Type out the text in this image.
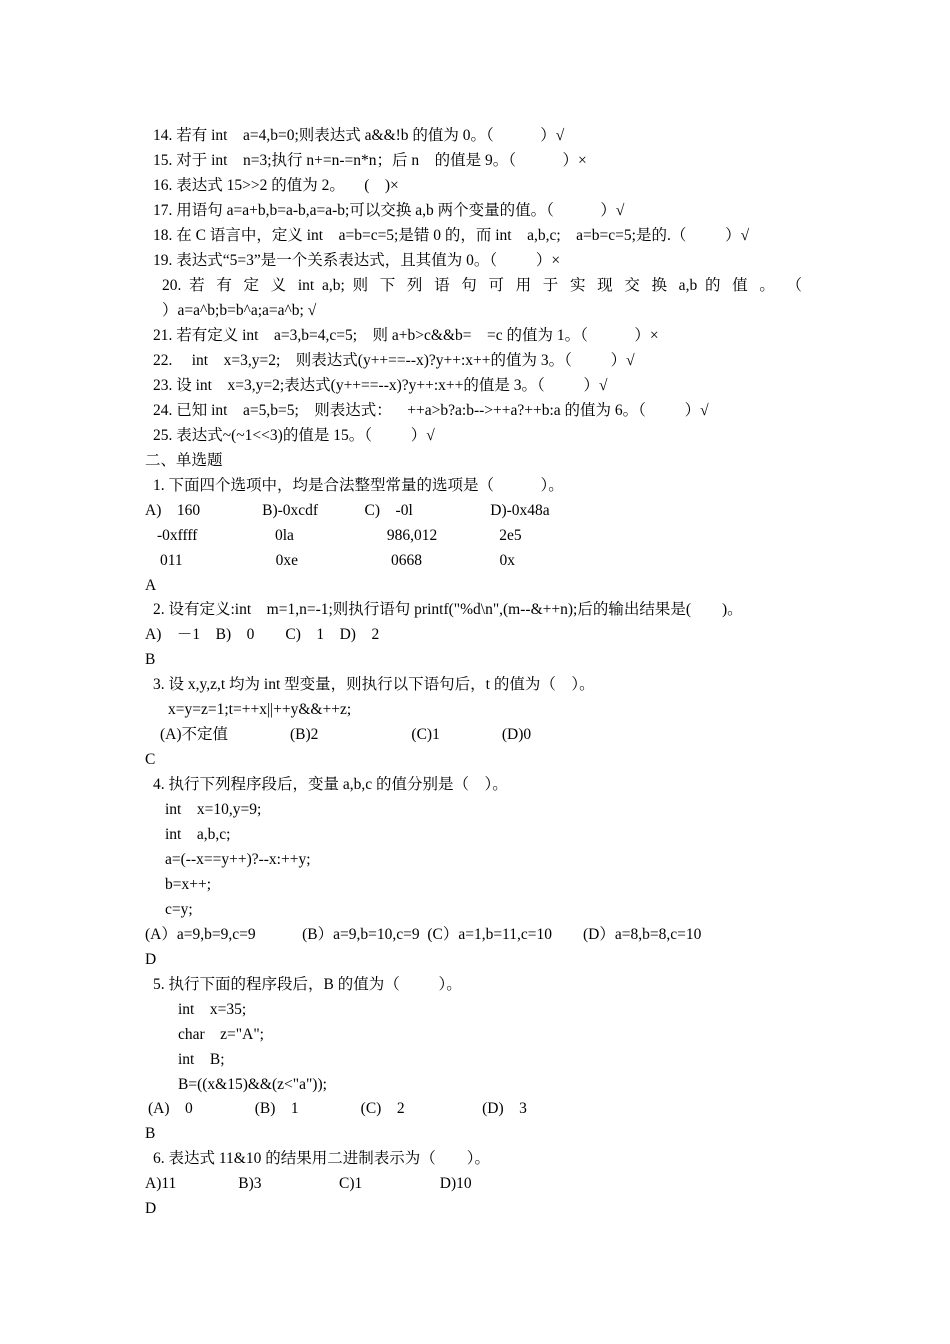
14. 若有 int    a=4,b=0;则表达式 a&&!b 的值为 0。（            ）√
15. 对于 int    n=3;执行 n+=n-=n*n；后 n    的值是 9。（            ）×
16. 表达式 15>>2 的值为 2。     (    )×
17. 用语句 a=a+b,b=a-b,a=a-b;可以交换 a,b 两个变量的值。（            ）√
18. 在 C 语言中，定义 int    a=b=c=5;是错 0 的，而 int    a,b,c;    a=b=c=5;是的.（          ）√
19. 表达式“5=3”是一个关系表达式，且其值为 0。（          ）×
20. 若 有 定 义 int a,b; 则 下 列 语 句 可 用 于 实 现 交 换 a,b 的 值 。 （
）a=a^b;b=b^a;a=a^b; √
21. 若有定义 int    a=3,b=4,c=5;    则 a+b>c&&b=    =c 的值为 1。（            ）×
22.     int    x=3,y=2;    则表达式(y++==--x)?y++:x++的值为 3。（          ）√
23. 设 int    x=3,y=2;表达式(y++==--x)?y++:x++的值是 3。（          ）√
24. 已知 int    a=5,b=5;    则表达式：    ++a>b?a:b-->++a?++b:a 的值为 6。（          ）√
25. 表达式~(~1<<3)的值是 15。（          ）√
二、单选题
1. 下面四个选项中，均是合法整型常量的选项是（            ）。
A)    160                B)-0xcdf            C)    -0l                    D)-0x48a
-0xffff                    0la                        986,012                2e5
011                        0xe                        0668                    0x
A
2. 设有定义:int    m=1,n=-1;则执行语句 printf("%d\n",(m--&++n);后的输出结果是(        )。
A)    －1    B)    0        C)    1    D)    2
B
3. 设 x,y,z,t 均为 int 型变量，则执行以下语句后，t 的值为（    ）。
x=y=z=1;t=++x||++y&&++z;
(A)不定值                (B)2                        (C)1                (D)0
C
4. 执行下列程序段后，变量 a,b,c 的值分别是（    ）。
int    x=10,y=9;
int    a,b,c;
a=(--x==y++)?--x:++y;
b=x++;
c=y;
(A）a=9,b=9,c=9            (B）a=9,b=10,c=9  (C）a=1,b=11,c=10        (D）a=8,b=8,c=10
D
5. 执行下面的程序段后，B 的值为（          ）。
int    x=35;
char    z="A";
int    B;
B=((x&15)&&(z<"a"));
(A)    0                (B)    1                (C)    2                    (D)    3
B
6. 表达式 11&10 的结果用二进制表示为（        ）。
A)11                B)3                    C)1                    D)10
D
